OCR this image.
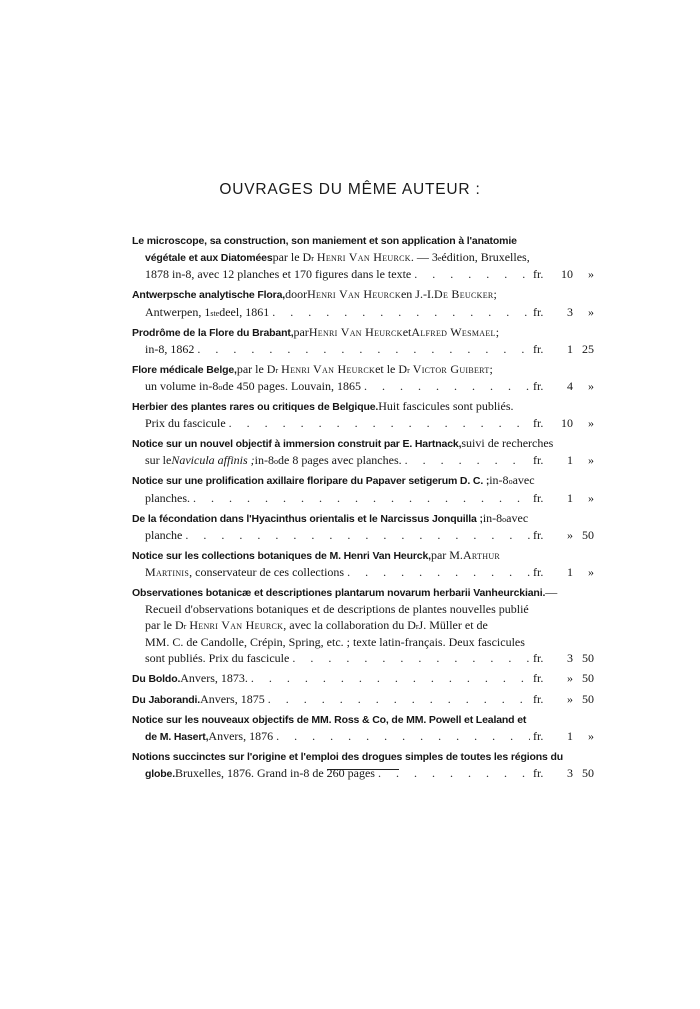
OUVRAGES DU MÊME AUTEUR :
Le microscope, sa construction, son maniement et son application à l'anatomie
végétale et aux Diatomées par le D r
Henri Van Heurck . — 3 e édition, Bruxelles,
1878 in-8, avec 12 planches et 170 figures dans le texte . . .	fr.	10	»
Antwerpsche analytische Flora, door Henri Van Heurck en J.-I. De Beucker ;
Antwerpen, 1 ste deel, 1861 . . .	fr.	3	»
Prodrôme de la Flore du Brabant, par Henri Van Heurck et Alfred Wesmael ;
in-8, 1862 . . .	fr.	1 25
Flore médicale Belge, par le D r
Henri Van Heurck et le D r
Victor Guibert ;
un volume in-8 o de 450 pages. Louvain, 1865 . . .	fr.	4	»
Herbier des plantes rares ou critiques de Belgique. Huit fascicules sont publiés.
Prix du fascicule . . .	fr.	10	»
Notice sur un nouvel objectif à immersion construit par E. Hartnack, suivi de recherches
sur le Navicula affinis ; in-8 o de 8 pages avec planches. . . .	fr.	1	»
Notice sur une prolification axillaire floripare du Papaver setigerum D. C. ; in-8 o avec
planches. . . .	fr.	1	»
De la fécondation dans l'Hyacinthus orientalis et le Narcissus Jonquilla ; in-8 o avec
planche . . .	fr.	» 50
Notice sur les collections botaniques de M. Henri Van Heurck, par M. Arthur
Martinis , conservateur de ces collections . . .	fr.	1	»
Observationes botanicæ et descriptiones plantarum novarum herbarii Vanheurckiani. —
Recueil d'observations botaniques et de descriptions de plantes nouvelles publié
par le D r
Henri Van Heurck , avec la collaboration du D r J. Müller et de
MM. C. de Candolle, Crépin, Spring, etc. ; texte latin-français. Deux fascicules
sont publiés. Prix du fascicule . . .	fr.	3 50
Du Boldo. Anvers, 1873. . . .	fr.	» 50
Du Jaborandi. Anvers, 1875 . . .	fr.	» 50
Notice sur les nouveaux objectifs de MM. Ross & C o , de MM. Powell et Lealand et
de M. Hasert, Anvers, 1876 . . .	fr.	1	»
Notions succinctes sur l'origine et l'emploi des drogues simples de toutes les régions du
globe. Bruxelles, 1876. Grand in-8 de 260 pages . . .	fr.	3 50
